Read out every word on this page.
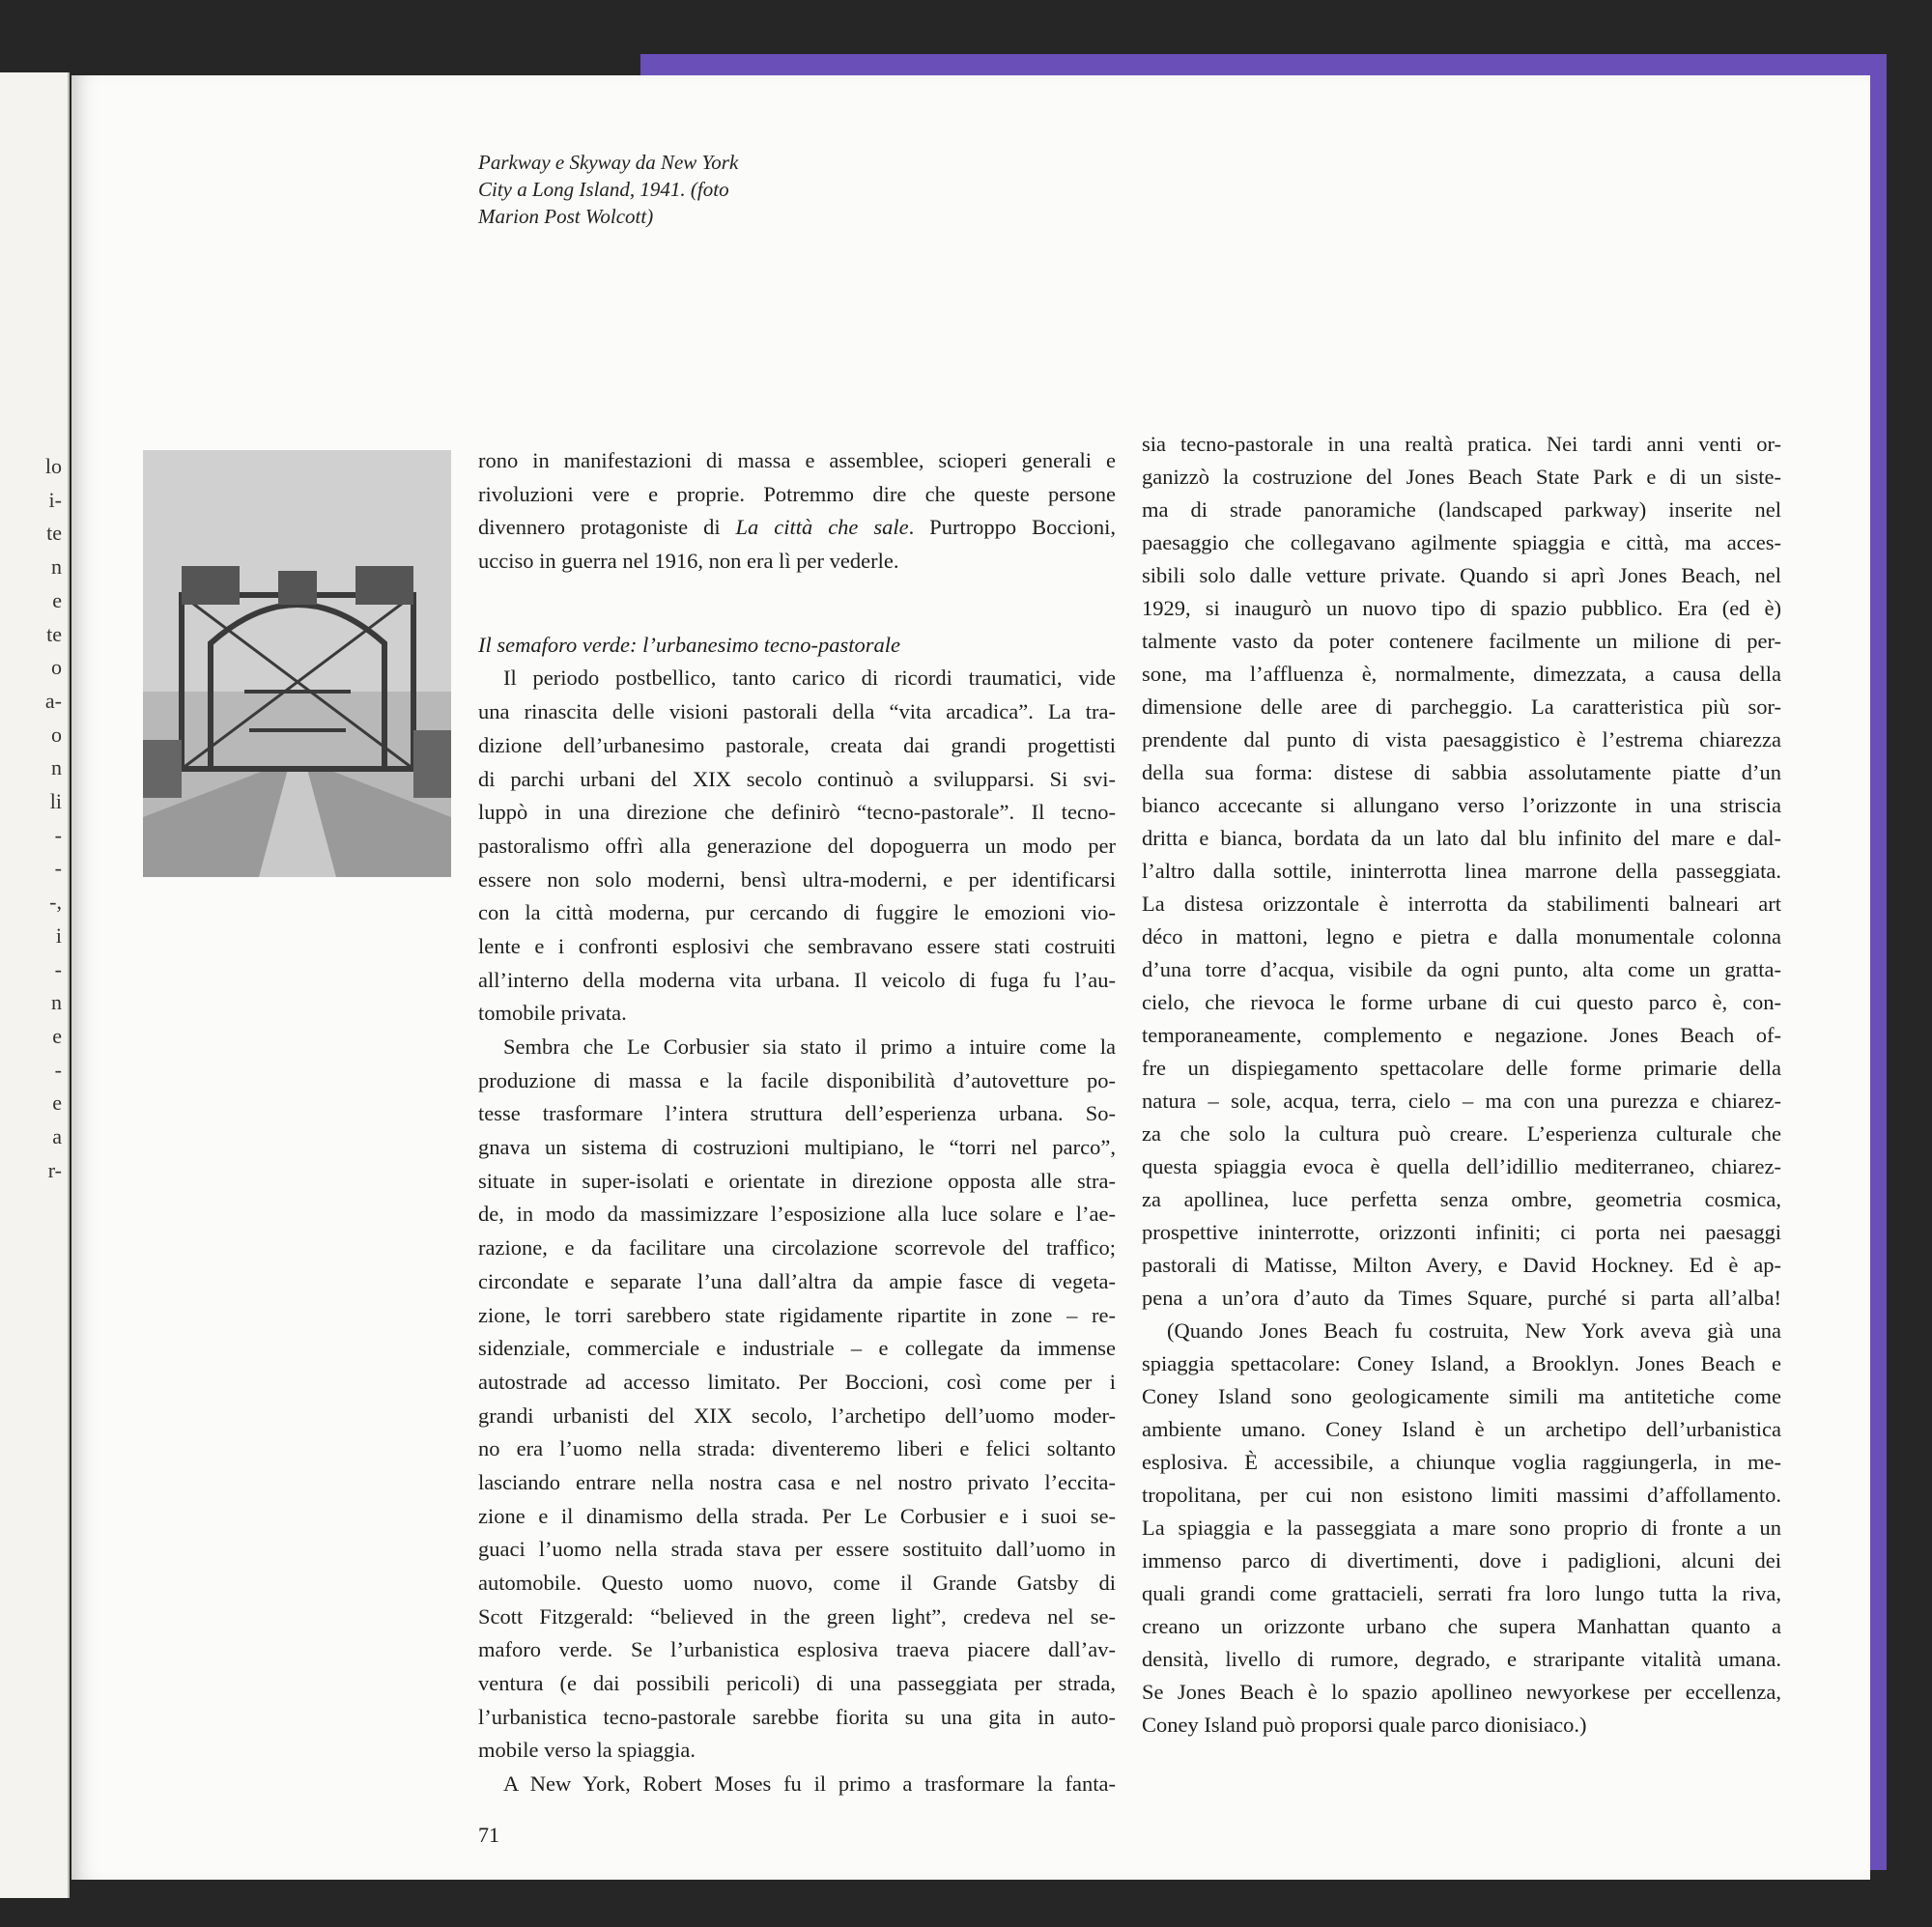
lo
i-
te
n
e
te
o
a-
o
n
li
-
-
-,
i
-
n
e
-
e
a
r-
Parkway e Skyway da New York
City a Long Island, 1941. (foto
Marion Post Wolcott)
rono in manifestazioni di massa e assemblee, scioperi generali e
rivoluzioni vere e proprie. Potremmo dire che queste persone
divennero protagoniste di La città che sale. Purtroppo Boccioni,
ucciso in guerra nel 1916, non era lì per vederle.
Il semaforo verde: l’urbanesimo tecno-pastorale
Il periodo postbellico, tanto carico di ricordi traumatici, vide
una rinascita delle visioni pastorali della “vita arcadica”. La tra-
dizione dell’urbanesimo pastorale, creata dai grandi progettisti
di parchi urbani del XIX secolo continuò a svilupparsi. Si svi-
luppò in una direzione che definirò “tecno-pastorale”. Il tecno-
pastoralismo offrì alla generazione del dopoguerra un modo per
essere non solo moderni, bensì ultra-moderni, e per identificarsi
con la città moderna, pur cercando di fuggire le emozioni vio-
lente e i confronti esplosivi che sembravano essere stati costruiti
all’interno della moderna vita urbana. Il veicolo di fuga fu l’au-
tomobile privata.
Sembra che Le Corbusier sia stato il primo a intuire come la
produzione di massa e la facile disponibilità d’autovetture po-
tesse trasformare l’intera struttura dell’esperienza urbana. So-
gnava un sistema di costruzioni multipiano, le “torri nel parco”,
situate in super-isolati e orientate in direzione opposta alle stra-
de, in modo da massimizzare l’esposizione alla luce solare e l’ae-
razione, e da facilitare una circolazione scorrevole del traffico;
circondate e separate l’una dall’altra da ampie fasce di vegeta-
zione, le torri sarebbero state rigidamente ripartite in zone – re-
sidenziale, commerciale e industriale – e collegate da immense
autostrade ad accesso limitato. Per Boccioni, così come per i
grandi urbanisti del XIX secolo, l’archetipo dell’uomo moder-
no era l’uomo nella strada: diventeremo liberi e felici soltanto
lasciando entrare nella nostra casa e nel nostro privato l’eccita-
zione e il dinamismo della strada. Per Le Corbusier e i suoi se-
guaci l’uomo nella strada stava per essere sostituito dall’uomo in
automobile. Questo uomo nuovo, come il Grande Gatsby di
Scott Fitzgerald: “believed in the green light”, credeva nel se-
maforo verde. Se l’urbanistica esplosiva traeva piacere dall’av-
ventura (e dai possibili pericoli) di una passeggiata per strada,
l’urbanistica tecno-pastorale sarebbe fiorita su una gita in auto-
mobile verso la spiaggia.
A New York, Robert Moses fu il primo a trasformare la fanta-
sia tecno-pastorale in una realtà pratica. Nei tardi anni venti or-
ganizzò la costruzione del Jones Beach State Park e di un siste-
ma di strade panoramiche (landscaped parkway) inserite nel
paesaggio che collegavano agilmente spiaggia e città, ma acces-
sibili solo dalle vetture private. Quando si aprì Jones Beach, nel
1929, si inaugurò un nuovo tipo di spazio pubblico. Era (ed è)
talmente vasto da poter contenere facilmente un milione di per-
sone, ma l’affluenza è, normalmente, dimezzata, a causa della
dimensione delle aree di parcheggio. La caratteristica più sor-
prendente dal punto di vista paesaggistico è l’estrema chiarezza
della sua forma: distese di sabbia assolutamente piatte d’un
bianco accecante si allungano verso l’orizzonte in una striscia
dritta e bianca, bordata da un lato dal blu infinito del mare e dal-
l’altro dalla sottile, ininterrotta linea marrone della passeggiata.
La distesa orizzontale è interrotta da stabilimenti balneari art
déco in mattoni, legno e pietra e dalla monumentale colonna
d’una torre d’acqua, visibile da ogni punto, alta come un gratta-
cielo, che rievoca le forme urbane di cui questo parco è, con-
temporaneamente, complemento e negazione. Jones Beach of-
fre un dispiegamento spettacolare delle forme primarie della
natura – sole, acqua, terra, cielo – ma con una purezza e chiarez-
za che solo la cultura può creare. L’esperienza culturale che
questa spiaggia evoca è quella dell’idillio mediterraneo, chiarez-
za apollinea, luce perfetta senza ombre, geometria cosmica,
prospettive ininterrotte, orizzonti infiniti; ci porta nei paesaggi
pastorali di Matisse, Milton Avery, e David Hockney. Ed è ap-
pena a un’ora d’auto da Times Square, purché si parta all’alba!
(Quando Jones Beach fu costruita, New York aveva già una
spiaggia spettacolare: Coney Island, a Brooklyn. Jones Beach e
Coney Island sono geologicamente simili ma antitetiche come
ambiente umano. Coney Island è un archetipo dell’urbanistica
esplosiva. È accessibile, a chiunque voglia raggiungerla, in me-
tropolitana, per cui non esistono limiti massimi d’affollamento.
La spiaggia e la passeggiata a mare sono proprio di fronte a un
immenso parco di divertimenti, dove i padiglioni, alcuni dei
quali grandi come grattacieli, serrati fra loro lungo tutta la riva,
creano un orizzonte urbano che supera Manhattan quanto a
densità, livello di rumore, degrado, e straripante vitalità umana.
Se Jones Beach è lo spazio apollineo newyorkese per eccellenza,
Coney Island può proporsi quale parco dionisiaco.)
71
